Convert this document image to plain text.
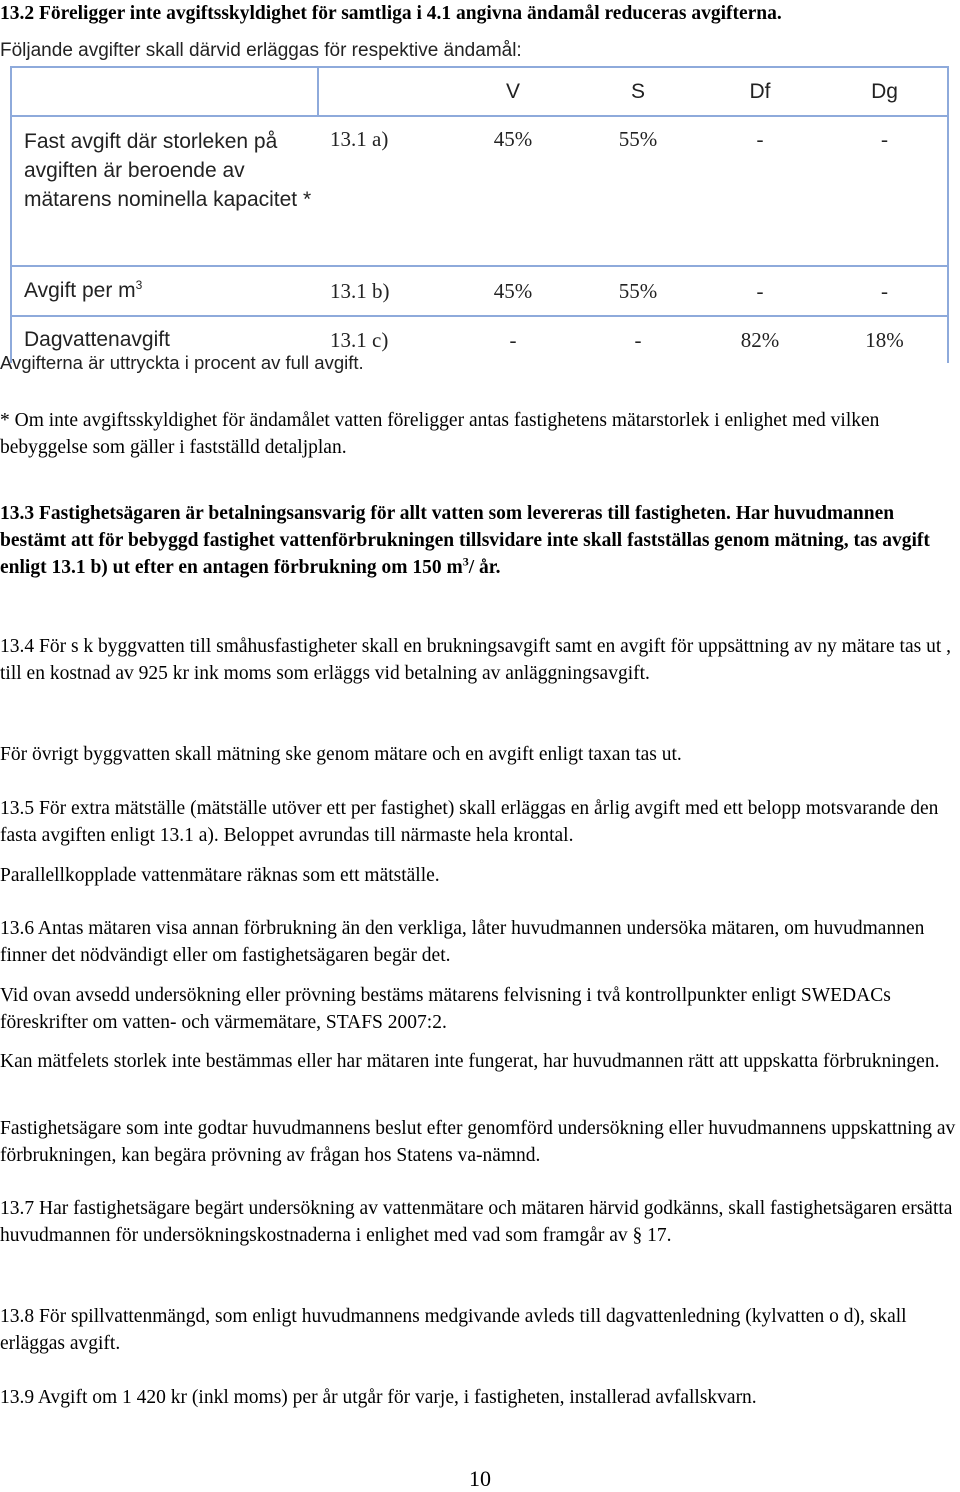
13.2 Föreligger inte avgiftsskyldighet för samtliga i 4.1 angivna ändamål reduceras avgifterna.
Följande avgifter skall därvid erläggas för respektive ändamål:
		V	S	Df	Dg
Fast avgift där storleken på avgiften är beroende av mätarens nominella kapacitet *	13.1 a)	45%	55%	-	-
Avgift per $m^3$	13.1 b)	45%	55%	-	-
Dagvattenavgift	13.1 c)	-	-	82%	18%
Avgifterna är uttryckta i procent av full avgift.
* Om inte avgiftsskyldighet för ändamålet vatten föreligger antas fastighetens mätarstorlek i enlighet med vilken bebyggelse som gäller i fastställd detaljplan.
13.3 Fastighetsägaren är betalningsansvarig för allt vatten som levereras till fastigheten. Har huvudmannen bestämt att för bebyggd fastighet vattenförbrukningen tillsvidare inte skall fastställas genom mätning, tas avgift enligt 13.1 b) ut efter en antagen förbrukning om 150 $m^3/$ år.
13.4 För s k byggvatten till småhusfastigheter skall en brukningsavgift samt en avgift för uppsättning av ny mätare tas ut , till en kostnad av 925 kr ink moms som erläggs vid betalning av anläggningsavgift.
För övrigt byggvatten skall mätning ske genom mätare och en avgift enligt taxan tas ut.
13.5 För extra mätställe (mätställe utöver ett per fastighet) skall erläggas en årlig avgift med ett belopp motsvarande den fasta avgiften enligt 13.1 a). Beloppet avrundas till närmaste hela krontal.
Parallellkopplade vattenmätare räknas som ett mätställe.
13.6 Antas mätaren visa annan förbrukning än den verkliga, låter huvudmannen undersöka mätaren, om huvudmannen finner det nödvändigt eller om fastighetsägaren begär det.
Vid ovan avsedd undersökning eller prövning bestäms mätarens felvisning i två kontrollpunkter enligt SWEDACs föreskrifter om vatten- och värmemätare, STAFS 2007:2.
Kan mätfelets storlek inte bestämmas eller har mätaren inte fungerat, har huvudmannen rätt att uppskatta förbrukningen.
Fastighetsägare som inte godtar huvudmannens beslut efter genomförd undersökning eller huvudmannens uppskattning av förbrukningen, kan begära prövning av frågan hos Statens va-nämnd.
13.7 Har fastighetsägare begärt undersökning av vattenmätare och mätaren härvid godkänns, skall fastighetsägaren ersätta huvudmannen för undersökningskostnaderna i enlighet med vad som framgår av § 17.
13.8 För spillvattenmängd, som enligt huvudmannens medgivande avleds till dagvattenledning (kylvatten o d), skall erläggas avgift.
13.9 Avgift om 1 420 kr (inkl moms) per år utgår för varje, i fastigheten, installerad avfallskvarn.
10
